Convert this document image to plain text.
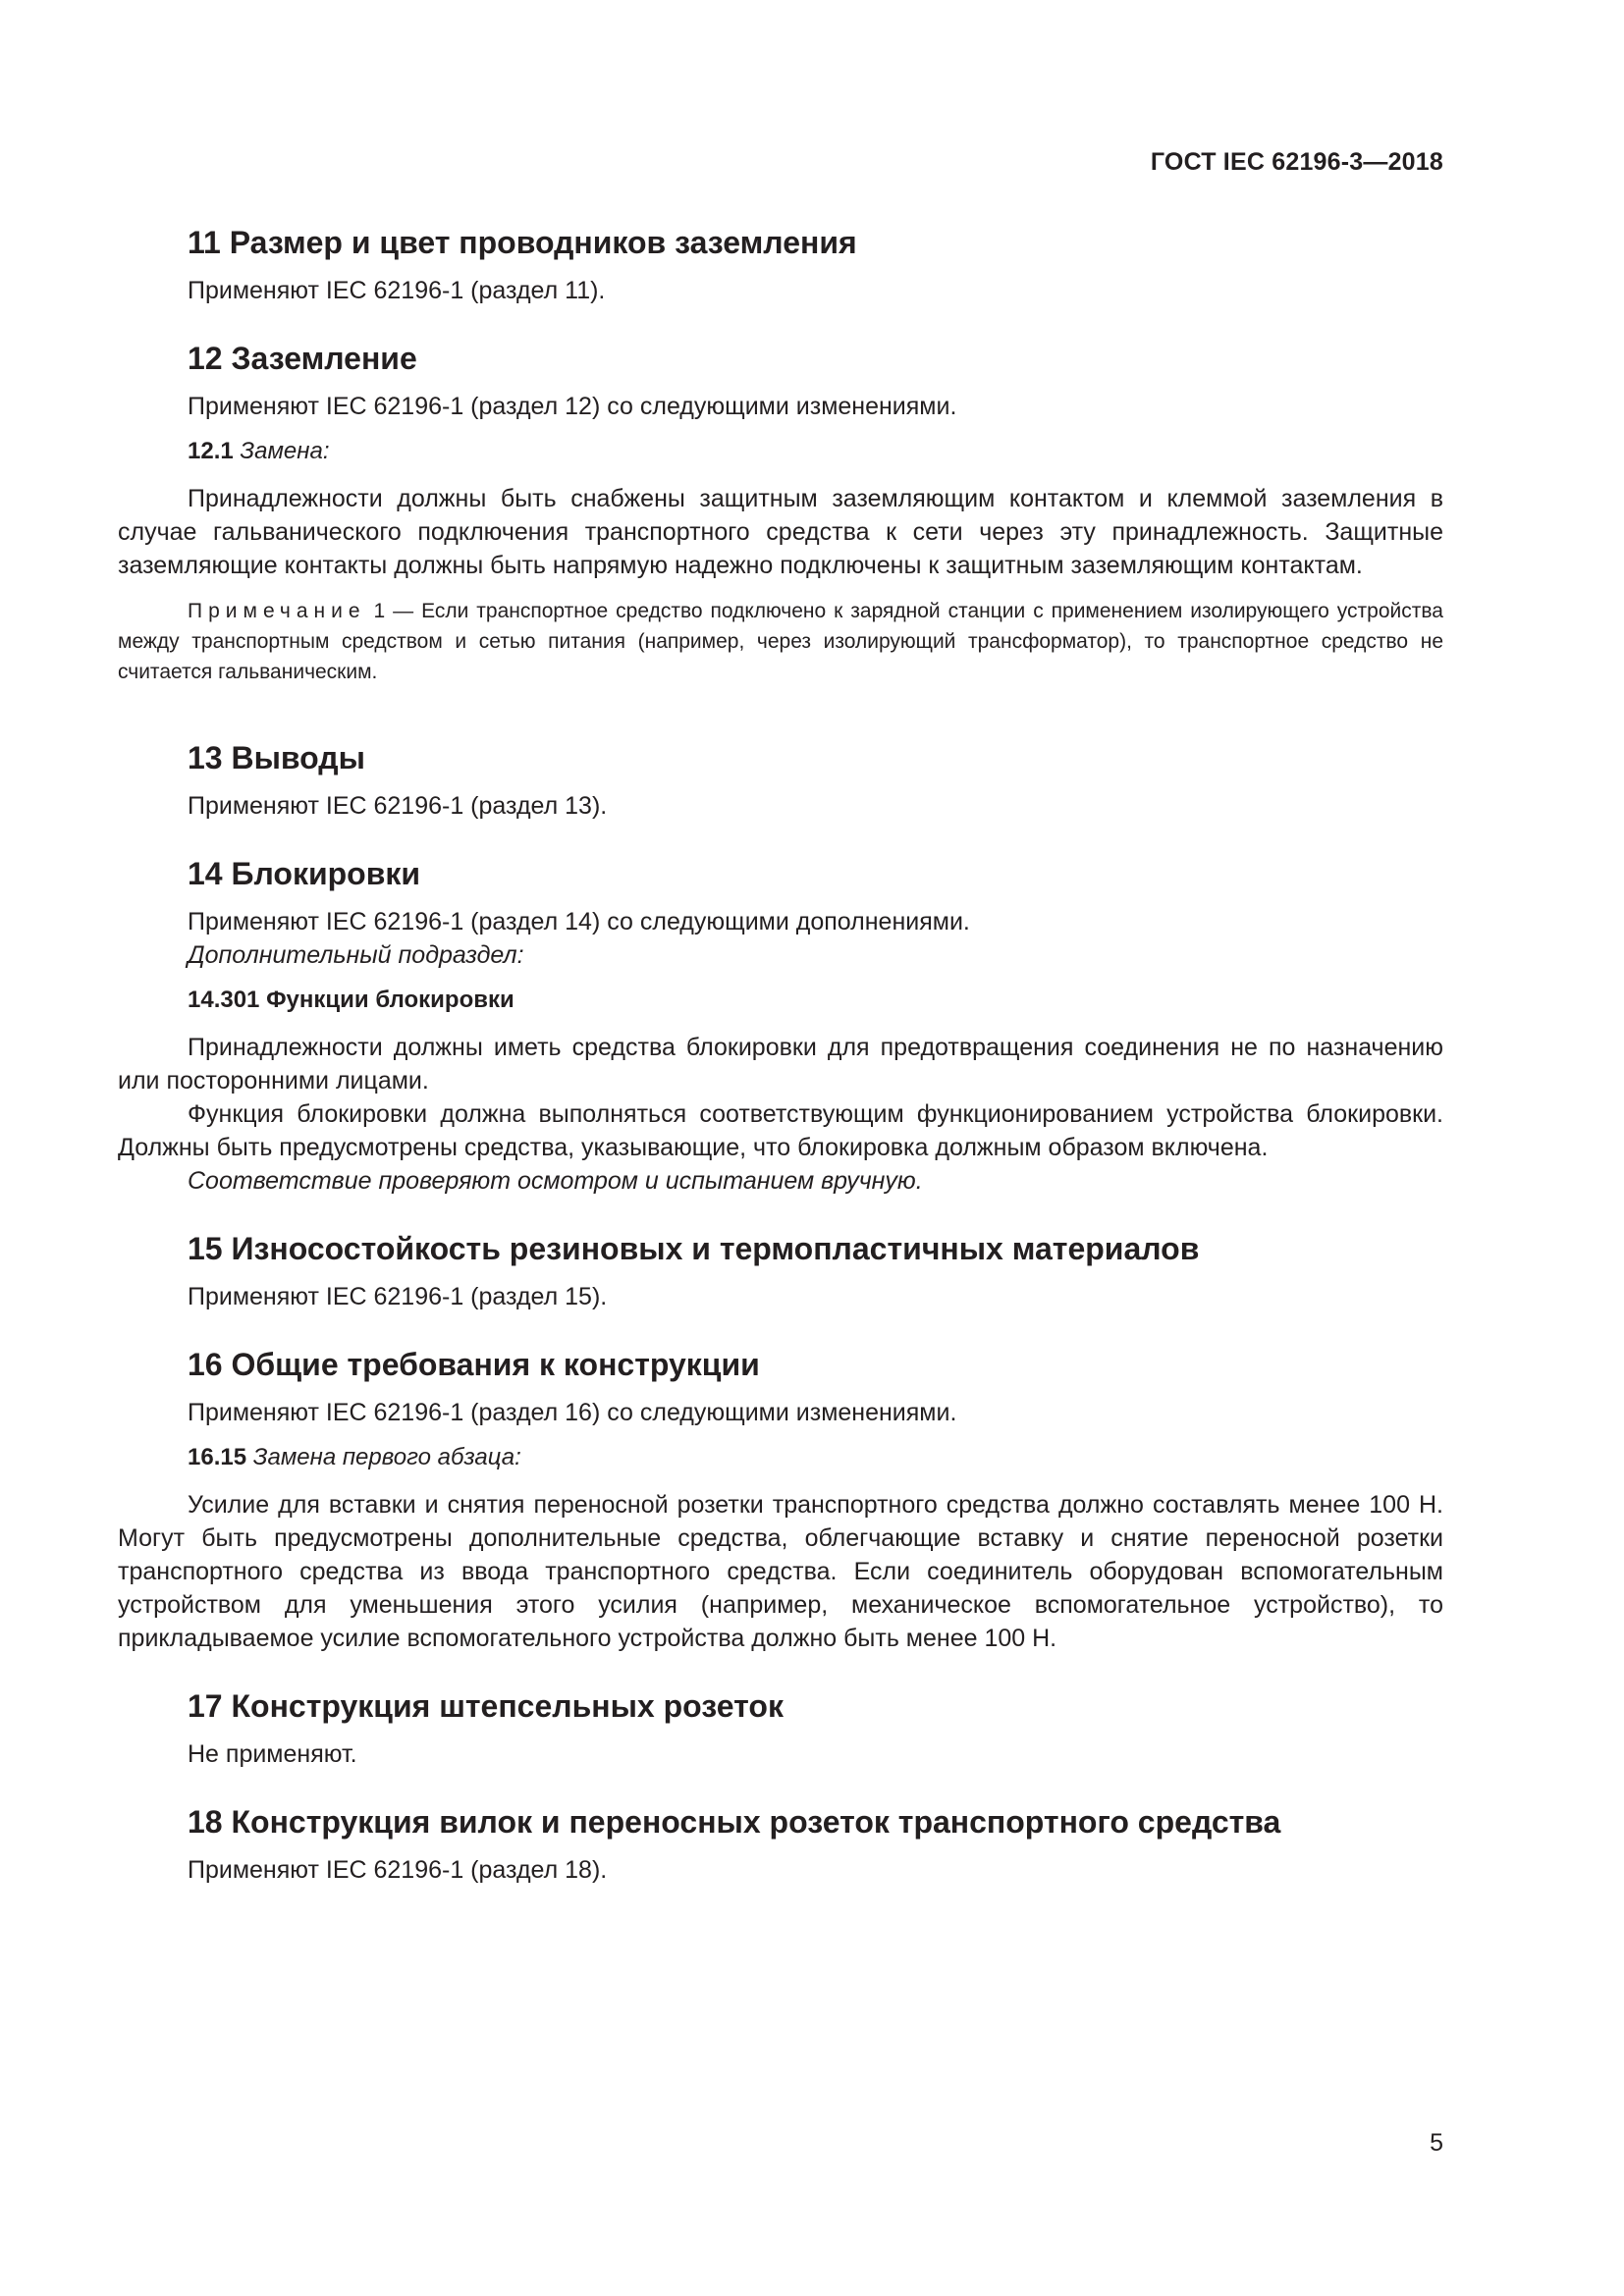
ГОСТ IEC 62196-3—2018
11 Размер и цвет проводников заземления

Применяют IEC 62196-1 (раздел 11).

12 Заземление

Применяют IEC 62196-1 (раздел 12) со следующими изменениями.

12.1 Замена:

Принадлежности должны быть снабжены защитным заземляющим контактом и клеммой заземления в случае гальванического подключения транспортного средства к сети через эту принадлежность. Защитные заземляющие контакты должны быть напрямую надежно подключены к защитным заземляющим контактам.

Примечание 1 — Если транспортное средство подключено к зарядной станции с применением изолирующего устройства между транспортным средством и сетью питания (например, через изолирующий трансформатор), то транспортное средство не считается гальваническим.

13 Выводы

Применяют IEC 62196-1 (раздел 13).

14 Блокировки

Применяют IEC 62196-1 (раздел 14) со следующими дополнениями.

Дополнительный подраздел:

14.301 Функции блокировки

Принадлежности должны иметь средства блокировки для предотвращения соединения не по назначению или посторонними лицами.

Функция блокировки должна выполняться соответствующим функционированием устройства блокировки. Должны быть предусмотрены средства, указывающие, что блокировка должным образом включена.

Соответствие проверяют осмотром и испытанием вручную.

15 Износостойкость резиновых и термопластичных материалов

Применяют IEC 62196-1 (раздел 15).

16 Общие требования к конструкции

Применяют IEC 62196-1 (раздел 16) со следующими изменениями.

16.15 Замена первого абзаца:

Усилие для вставки и снятия переносной розетки транспортного средства должно составлять менее 100 Н. Могут быть предусмотрены дополнительные средства, облегчающие вставку и снятие переносной розетки транспортного средства из ввода транспортного средства. Если соединитель оборудован вспомогательным устройством для уменьшения этого усилия (например, механическое вспомогательное устройство), то прикладываемое усилие вспомогательного устройства должно быть менее 100 Н.

17 Конструкция штепсельных розеток

Не применяют.

18 Конструкция вилок и переносных розеток транспортного средства

Применяют IEC 62196-1 (раздел 18).

5
